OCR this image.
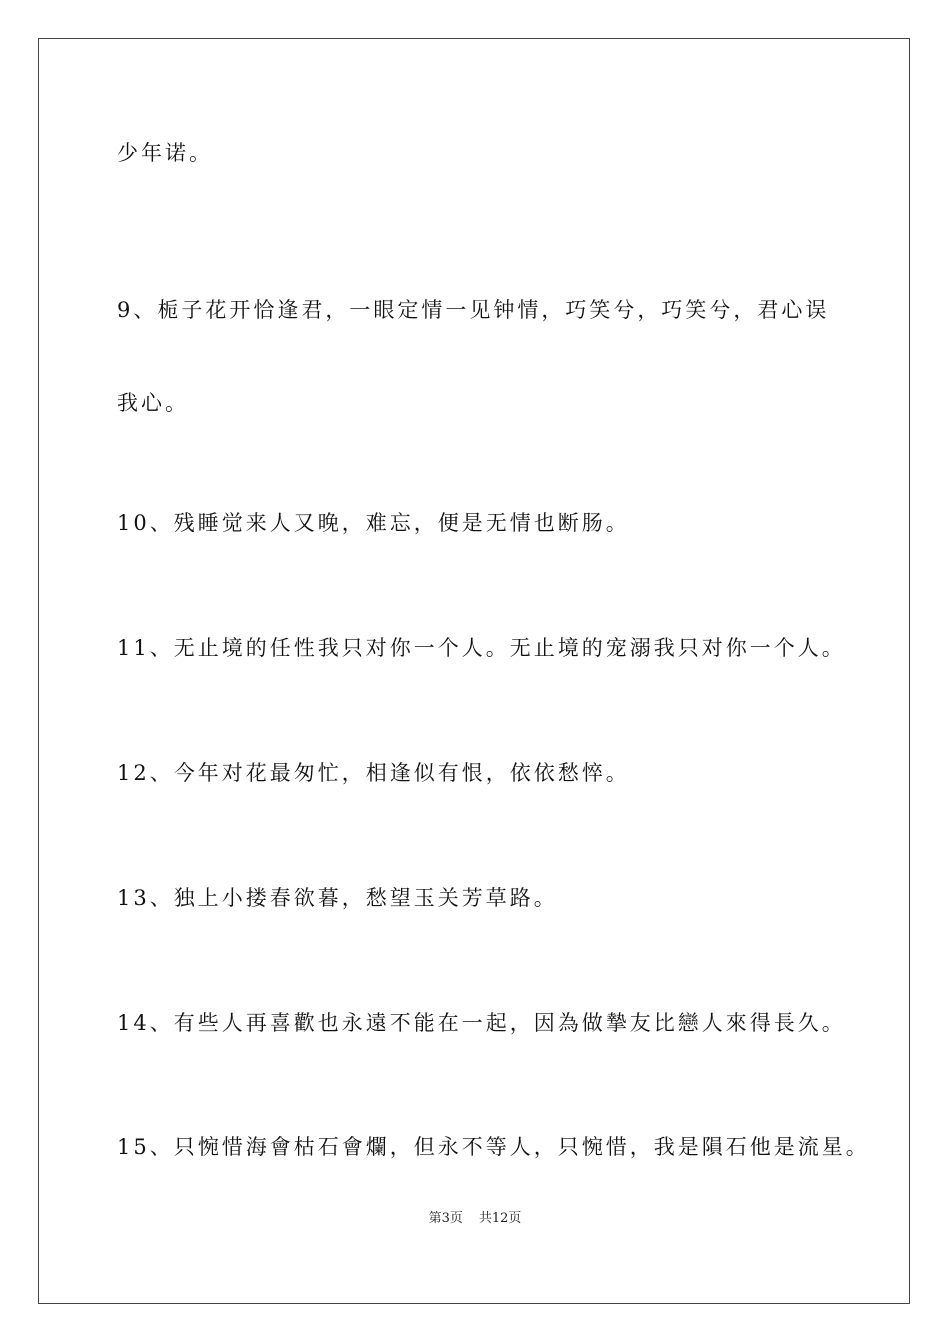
少年诺。
9、栀子花开恰逢君，一眼定情一见钟情，巧笑兮，巧笑兮，君心误
我心。
10、残睡觉来人又晚，难忘，便是无情也断肠。
11、无止境的任性我只对你一个人。无止境的宠溺我只对你一个人。
12、今年对花最匆忙，相逢似有恨，依依愁悴。
13、独上小搂春欲暮，愁望玉关芳草路。
14、有些人再喜歡也永遠不能在一起，因為做摯友比戀人來得長久。
15、只惋惜海會枯石會爛，但永不等人，只惋惜，我是隕石他是流星。
第3页 共12页
